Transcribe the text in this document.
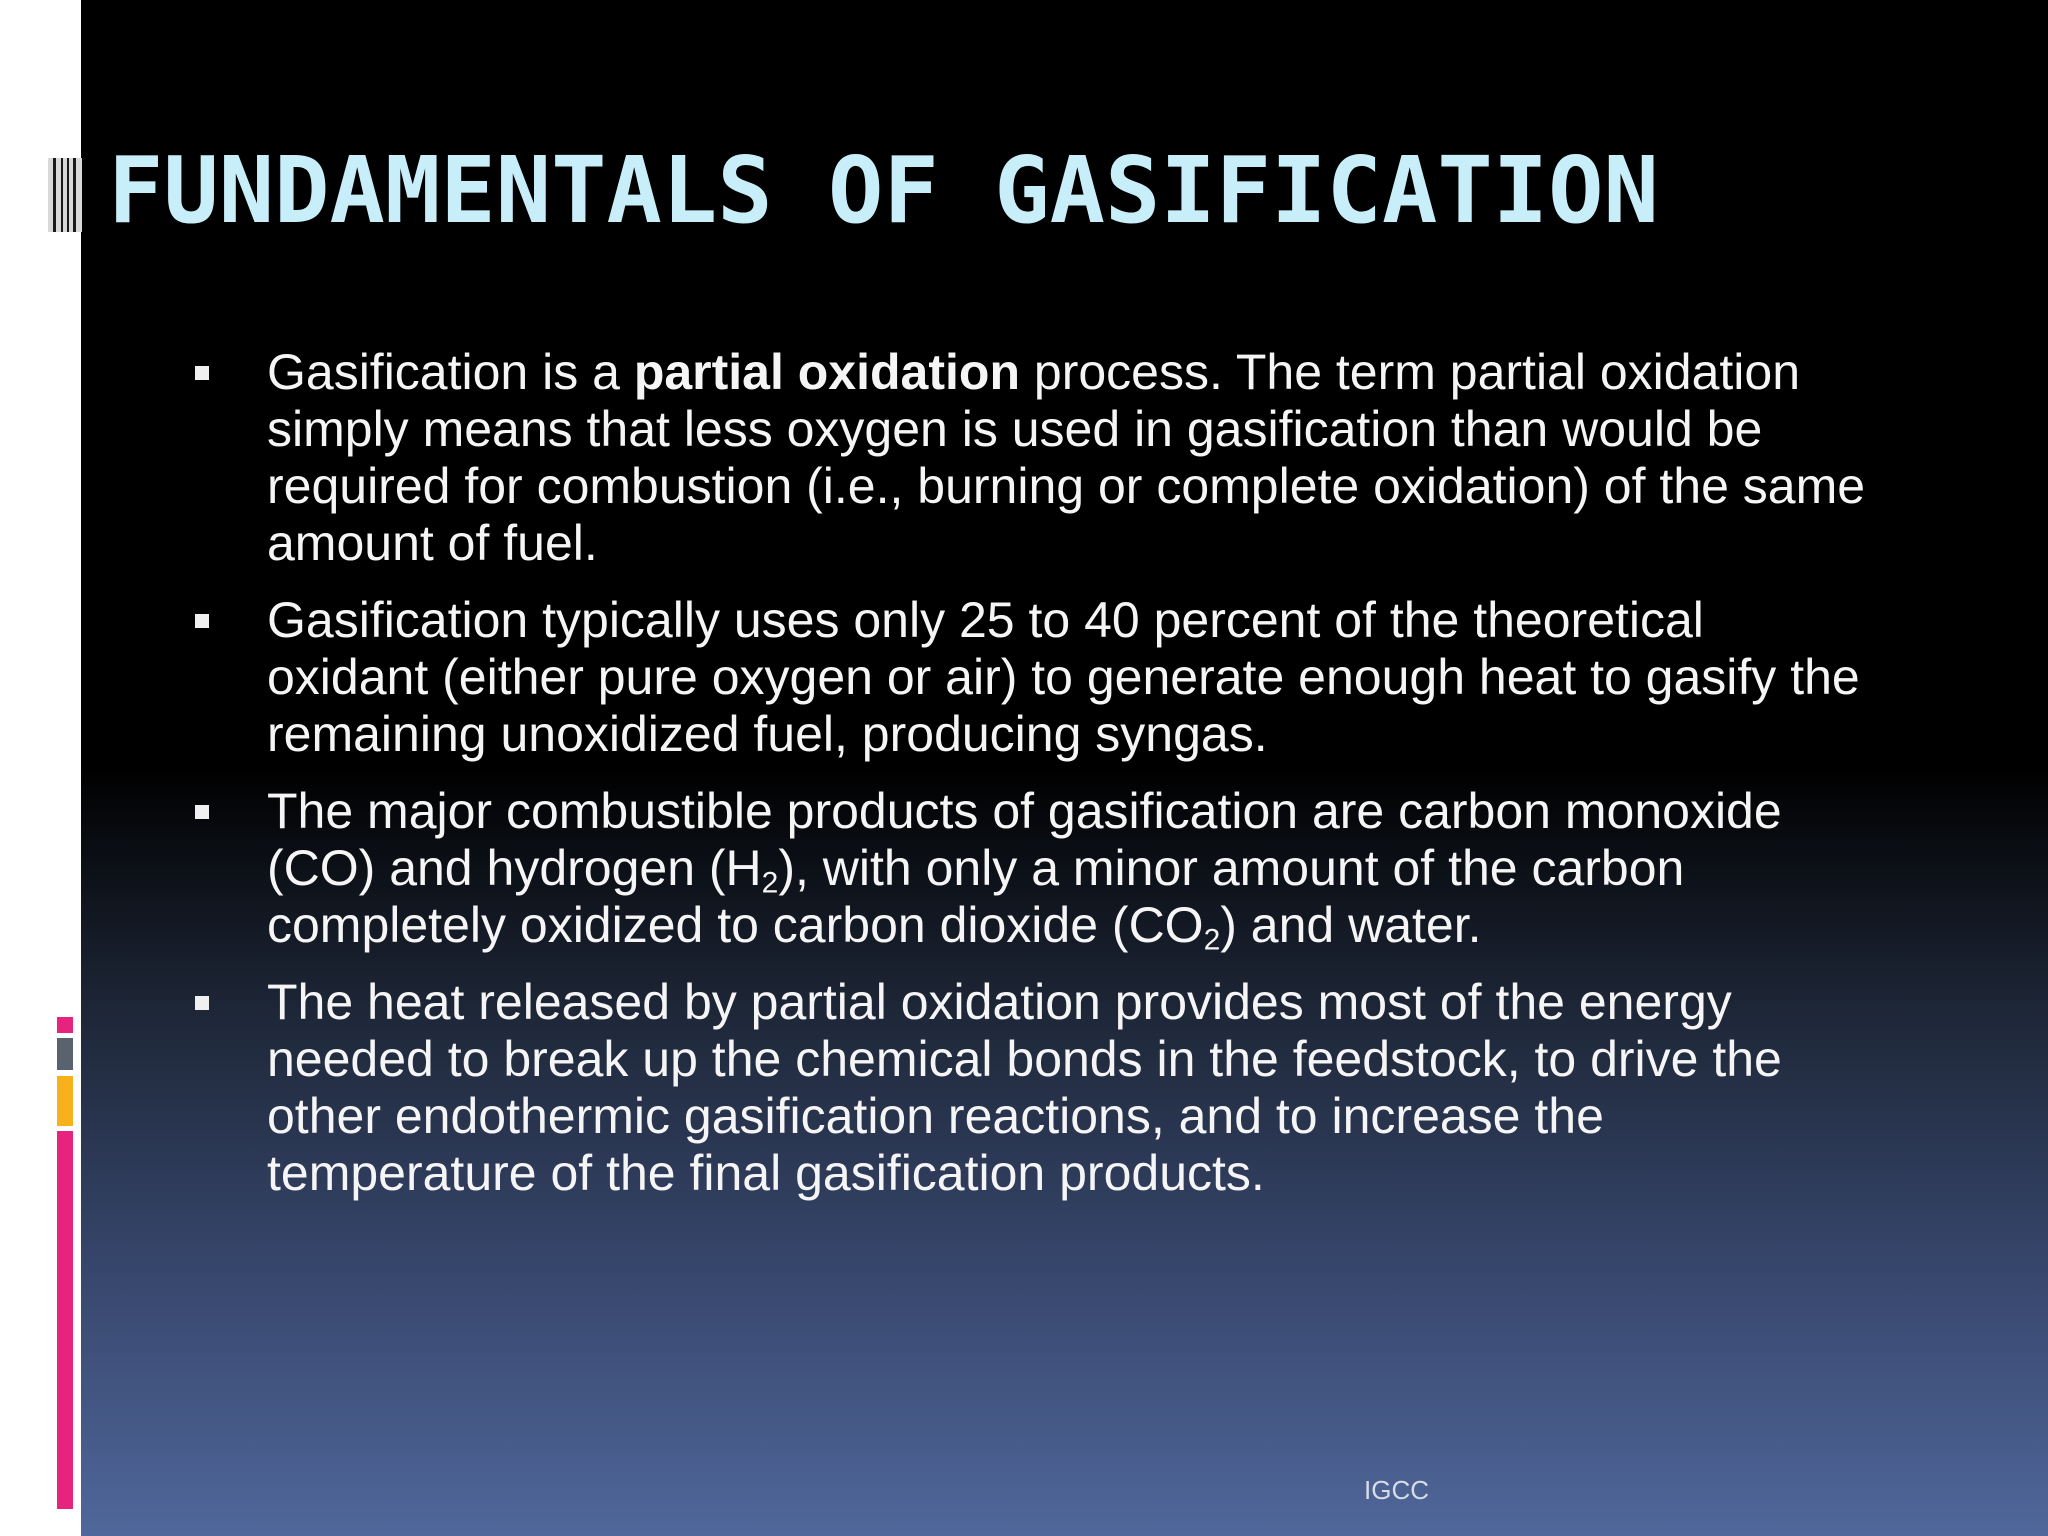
FUNDAMENTALS OF GASIFICATION
Gasification is a partial oxidation process. The term partial oxidation simply means that less oxygen is used in gasification than would be required for combustion (i.e., burning or complete oxidation) of the same amount of fuel.
Gasification typically uses only 25 to 40 percent of the theoretical oxidant (either pure oxygen or air) to generate enough heat to gasify the remaining unoxidized fuel, producing syngas.
The major combustible products of gasification are carbon monoxide (CO) and hydrogen $(H_2)$, with only a minor amount of the carbon completely oxidized to carbon dioxide $(CO_2)$ and water.
The heat released by partial oxidation provides most of the energy needed to break up the chemical bonds in the feedstock, to drive the other endothermic gasification reactions, and to increase the temperature of the final gasification products.
IGCC
